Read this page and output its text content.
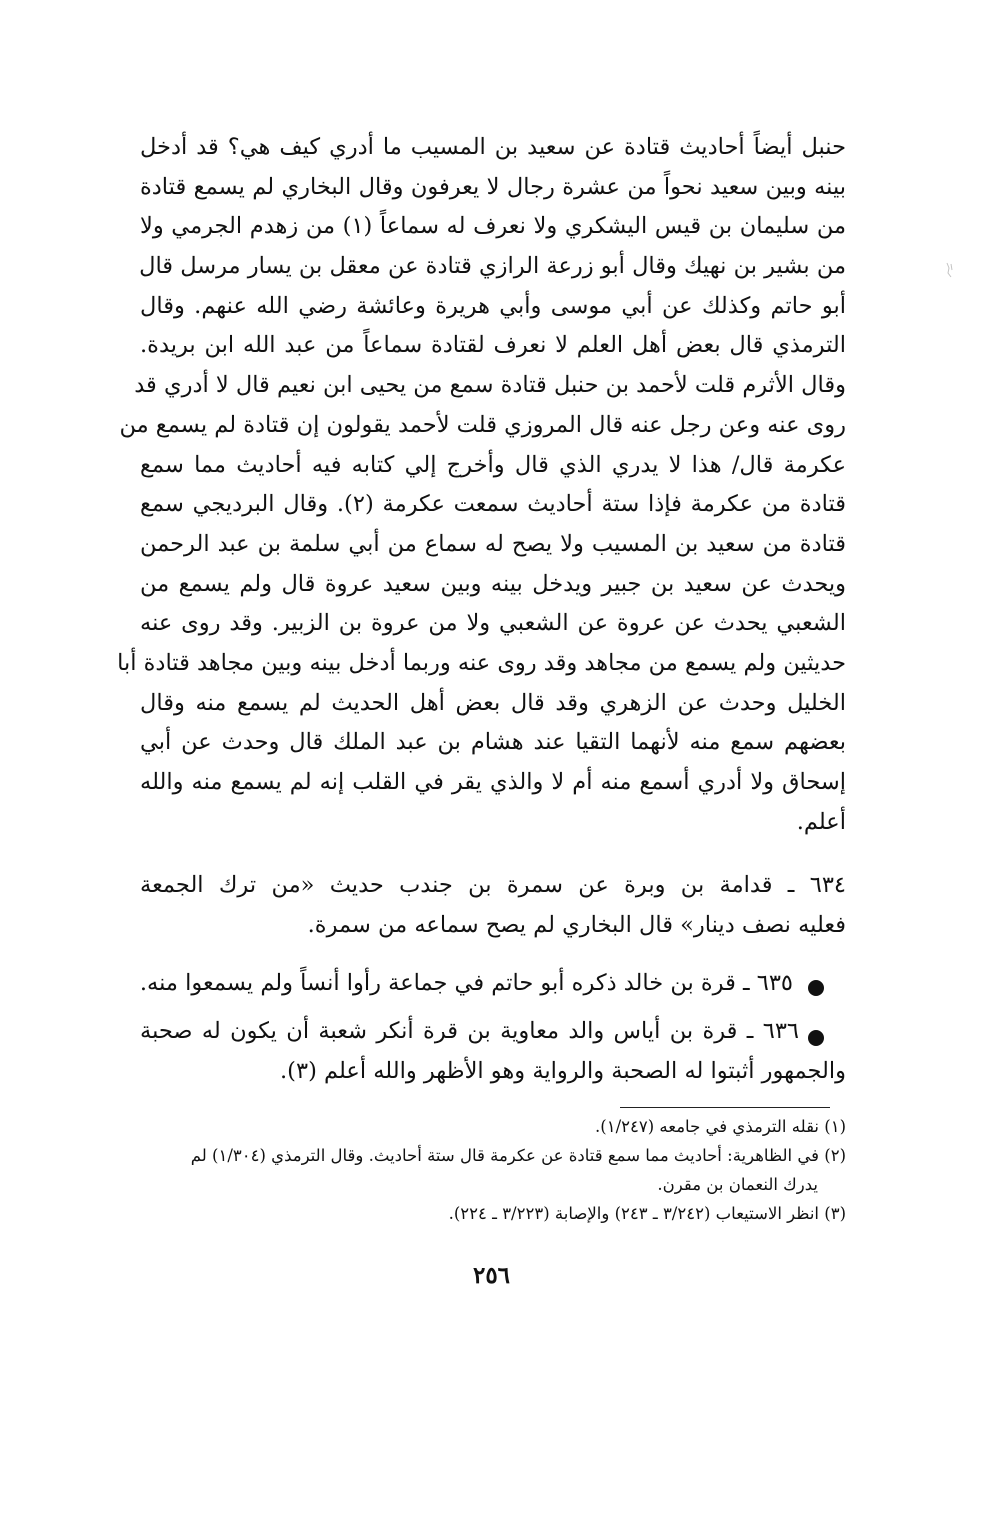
حنبل أيضاً أحاديث قتادة عن سعيد بن المسيب ما أدري كيف هي؟ قد أدخل
بينه وبين سعيد نحواً من عشرة رجال لا يعرفون وقال البخاري لم يسمع قتادة
من سليمان بن قيس اليشكري ولا نعرف له سماعاً (١) من زهدم الجرمي ولا
من بشير بن نهيك وقال أبو زرعة الرازي قتادة عن معقل بن يسار مرسل قال
أبو حاتم وكذلك عن أبي موسى وأبي هريرة وعائشة رضي الله عنهم. وقال
الترمذي قال بعض أهل العلم لا نعرف لقتادة سماعاً من عبد الله ابن بريدة.
وقال الأثرم قلت لأحمد بن حنبل قتادة سمع من يحيى ابن نعيم قال لا أدري قد
روى عنه وعن رجل عنه قال المروزي قلت لأحمد يقولون إن قتادة لم يسمع من
عكرمة قال/ هذا لا يدري الذي قال وأخرج إلي كتابه فيه أحاديث مما سمع
قتادة من عكرمة فإذا ستة أحاديث سمعت عكرمة (٢). وقال البرديجي سمع
قتادة من سعيد بن المسيب ولا يصح له سماع من أبي سلمة بن عبد الرحمن
ويحدث عن سعيد بن جبير ويدخل بينه وبين سعيد عروة قال ولم يسمع من
الشعبي يحدث عن عروة عن الشعبي ولا من عروة بن الزبير. وقد روى عنه
حديثين ولم يسمع من مجاهد وقد روى عنه وربما أدخل بينه وبين مجاهد قتادة أبا
الخليل وحدث عن الزهري وقد قال بعض أهل الحديث لم يسمع منه وقال
بعضهم سمع منه لأنهما التقيا عند هشام بن عبد الملك قال وحدث عن أبي
إسحاق ولا أدري أسمع منه أم لا والذي يقر في القلب إنه لم يسمع منه والله
أعلم.
٦٣٤ ـ قدامة بن وبرة عن سمرة بن جندب حديث «من ترك الجمعة
فعليه نصف دينار» قال البخاري لم يصح سماعه من سمرة.
٦٣٥ ـ قرة بن خالد ذكره أبو حاتم في جماعة رأوا أنساً ولم يسمعوا منه.
٦٣٦ ـ قرة بن أياس والد معاوية بن قرة أنكر شعبة أن يكون له صحبة
والجمهور أثبتوا له الصحبة والرواية وهو الأظهر والله أعلم (٣).
(١) نقله الترمذي في جامعه (١/٢٤٧).
(٢) في الظاهرية: أحاديث مما سمع قتادة عن عكرمة قال ستة أحاديث. وقال الترمذي (١/٣٠٤) لم
يدرك النعمان بن مقرن.
(٣) انظر الاستيعاب (٣/٢٤٢ ـ ٢٤٣) والإصابة (٣/٢٢٣ ـ ٢٢٤).
٢٥٦
